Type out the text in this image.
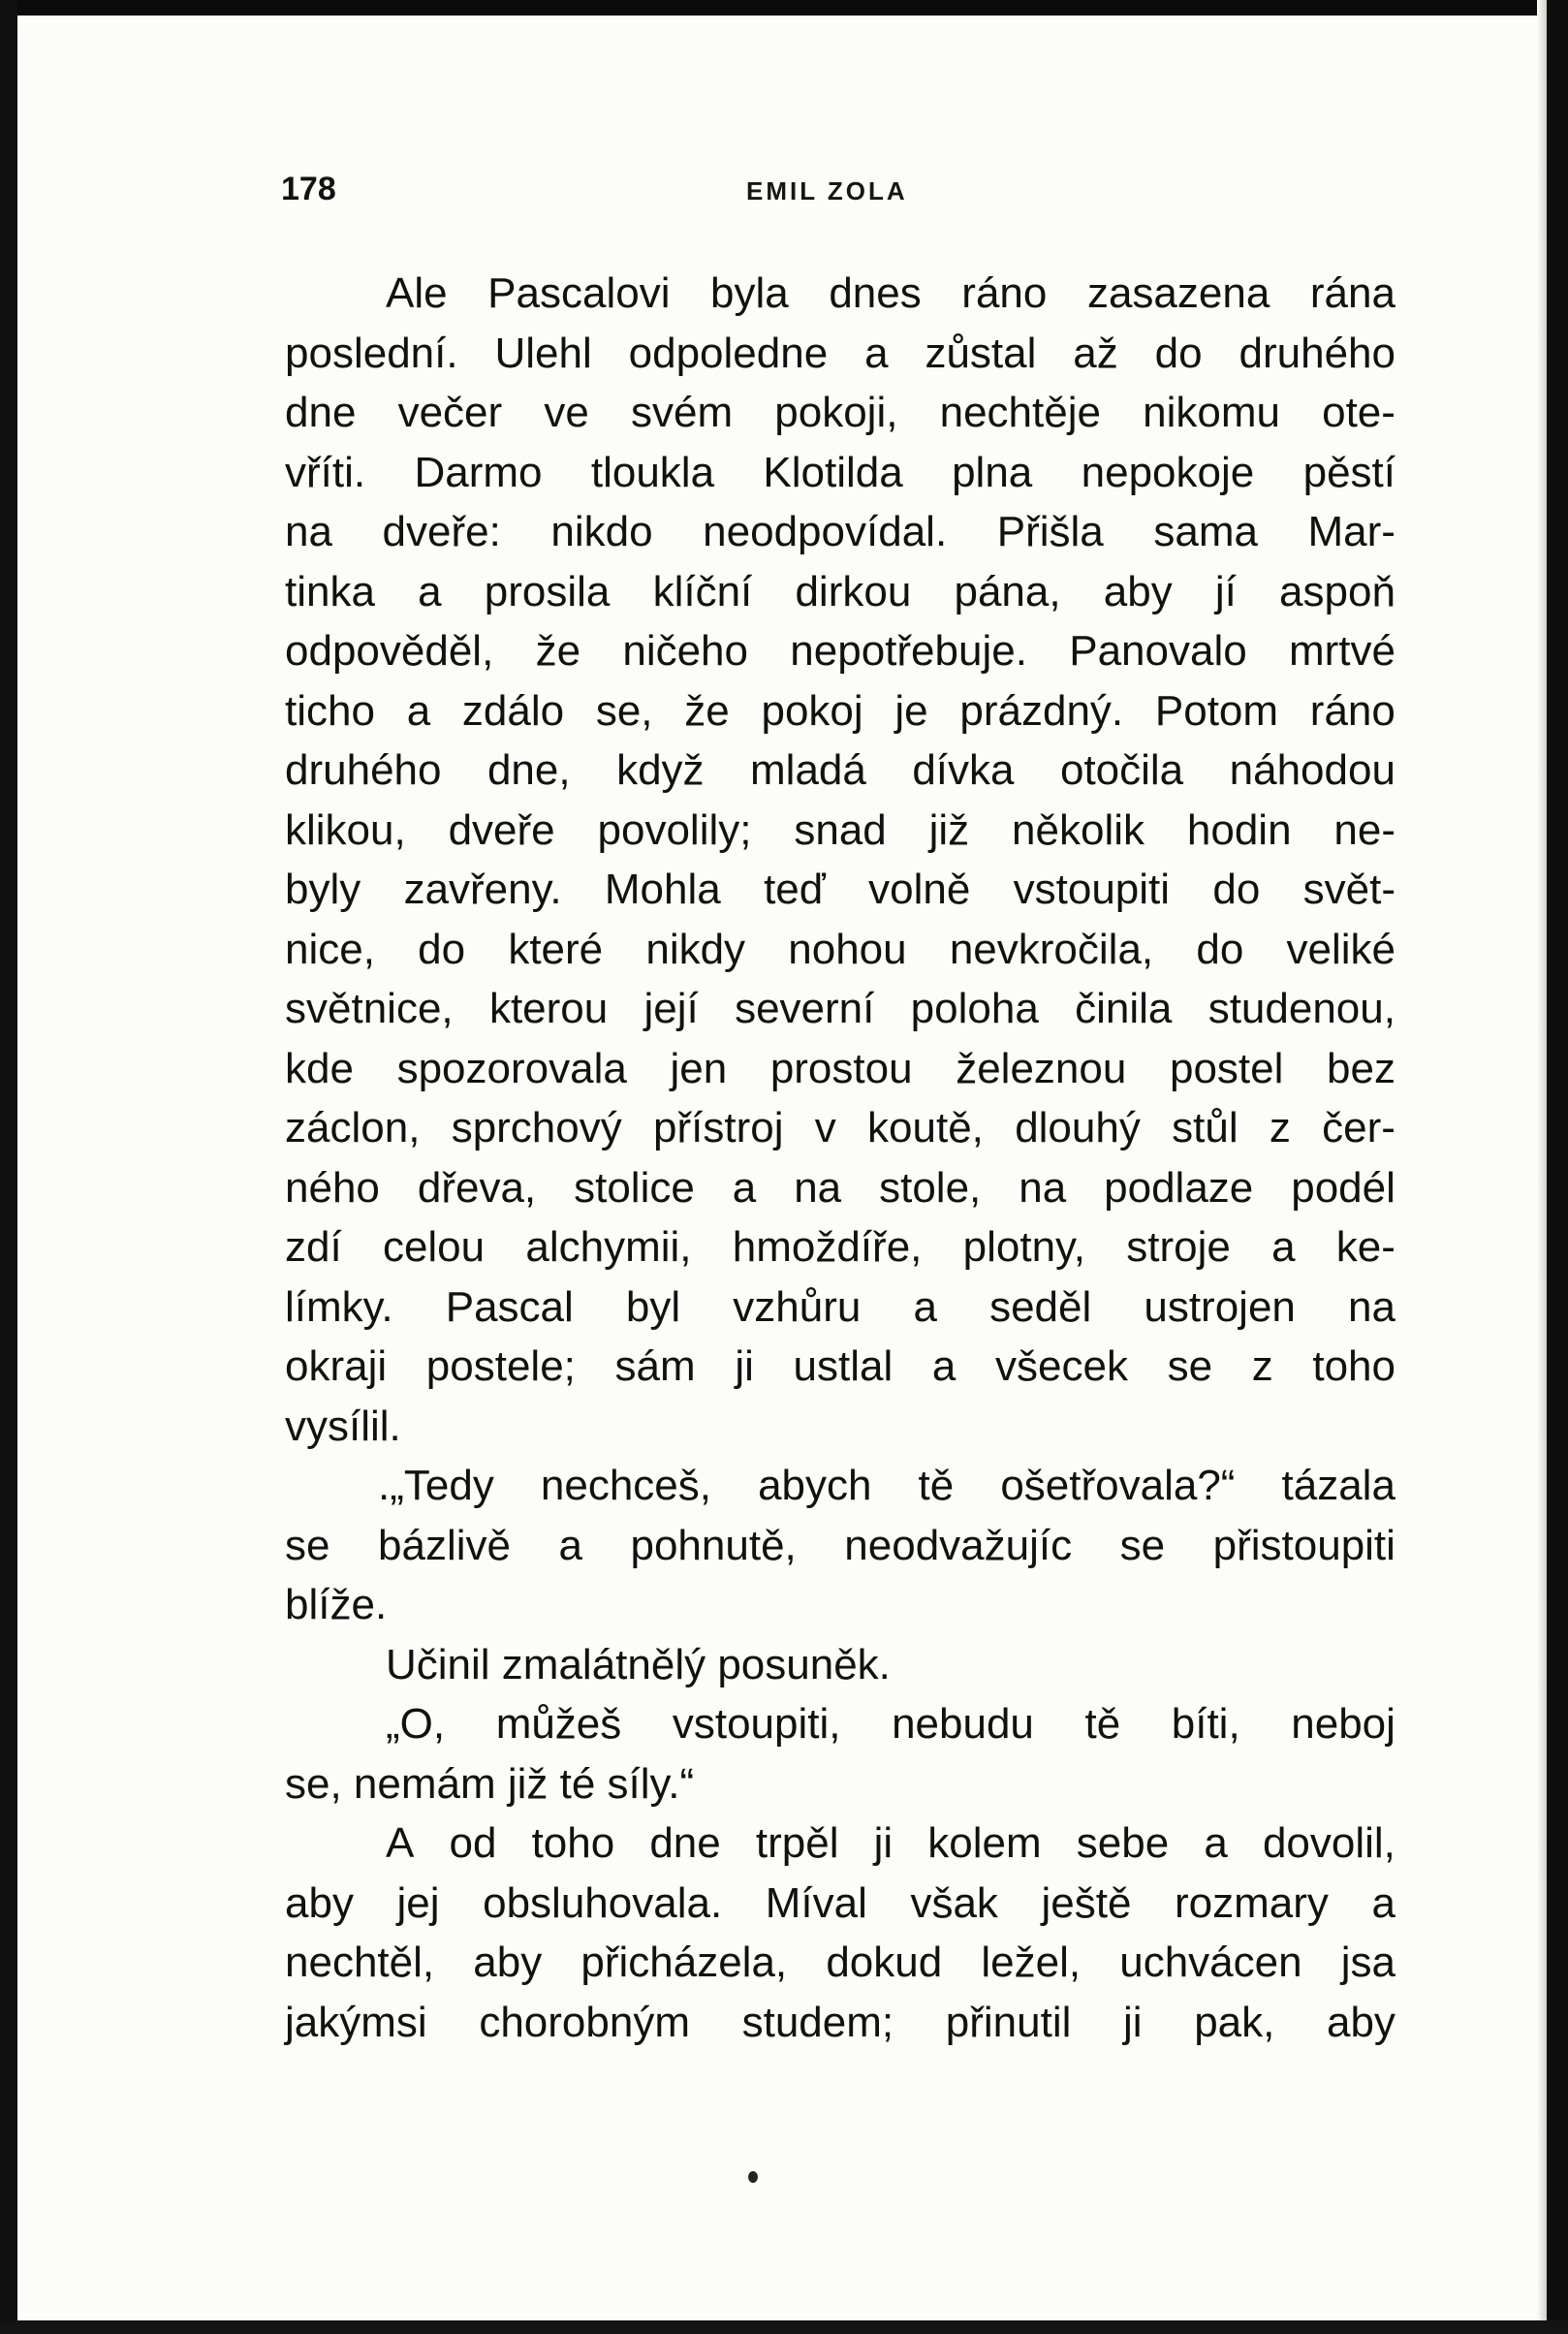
178	EMIL ZOLA
Ale Pascalovi byla dnes ráno zasazena rána
poslední. Ulehl odpoledne a zůstal až do druhého
dne večer ve svém pokoji, nechtěje nikomu ote-
vříti. Darmo tloukla Klotilda plna nepokoje pěstí
na dveře: nikdo neodpovídal. Přišla sama Mar-
tinka a prosila klíční dirkou pána, aby jí aspoň
odpověděl, že ničeho nepotřebuje. Panovalo mrtvé
ticho a zdálo se, že pokoj je prázdný. Potom ráno
druhého dne, když mladá dívka otočila náhodou
klikou, dveře povolily; snad již několik hodin ne-
byly zavřeny. Mohla teď volně vstoupiti do svět-
nice, do které nikdy nohou nevkročila, do veliké
světnice, kterou její severní poloha činila studenou,
kde spozorovala jen prostou železnou postel bez
záclon, sprchový přístroj v koutě, dlouhý stůl z čer-
ného dřeva, stolice a na stole, na podlaze podél
zdí celou alchymii, hmoždíře, plotny, stroje a ke-
límky. Pascal byl vzhůru a seděl ustrojen na
okraji postele; sám ji ustlal a všecek se z toho
vysílil.
.„Tedy nechceš, abych tě ošetřovala?“ tázala
se bázlivě a pohnutě, neodvažujíc se přistoupiti
blíže.
Učinil zmalátnělý posuněk.
„O, můžeš vstoupiti, nebudu tě bíti, neboj
se, nemám již té síly.“
A od toho dne trpěl ji kolem sebe a dovolil,
aby jej obsluhovala. Míval však ještě rozmary a
nechtěl, aby přicházela, dokud ležel, uchvácen jsa
jakýmsi chorobným studem; přinutil ji pak, aby
